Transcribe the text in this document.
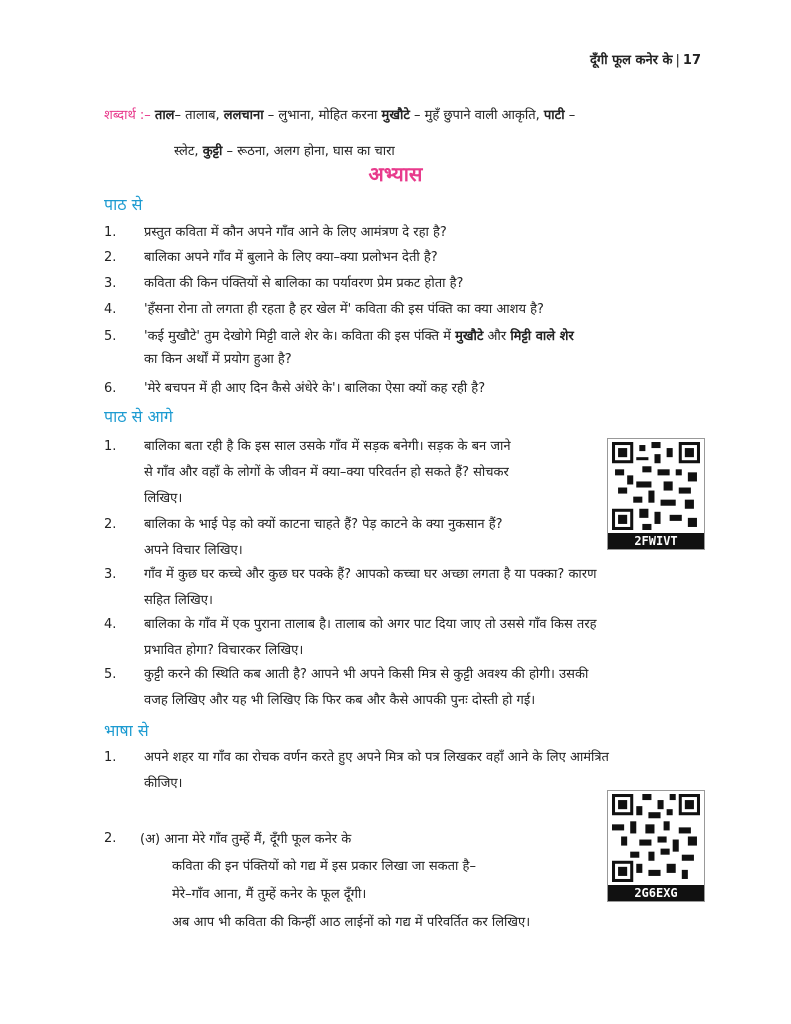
दूँगी फूल कनेर के | 17
शब्दार्थ :– ताल– तालाब, ललचाना – लुभाना, मोहित करना मुखौटे – मुहँ छुपाने वाली आकृति, पाटी –
स्लेट, कुट्टी – रूठना, अलग होना, घास का चारा
अभ्यास
पाठ से
1.	प्रस्तुत कविता में कौन अपने गाँव आने के लिए आमंत्रण दे रहा है?
2.	बालिका अपने गाँव में बुलाने के लिए क्या–क्या प्रलोभन देती है?
3.	कविता की किन पंक्तियों से बालिका का पर्यावरण प्रेम प्रकट होता है?
4.	'हँसना रोना तो लगता ही रहता है हर खेल में' कविता की इस पंक्ति का क्या आशय है?
5.	'कई मुखौटे' तुम देखोगे मिट्टी वाले शेर के। कविता की इस पंक्ति में मुखौटे और मिट्टी वाले शेर
का किन अर्थों में प्रयोग हुआ है?
6.	'मेरे बचपन में ही आए दिन कैसे अंधेरे के'। बालिका ऐसा क्यों कह रही है?
पाठ से आगे
1.	बालिका बता रही है कि इस साल उसके गाँव में सड़क बनेगी। सड़क के बन जाने
से गाँव और वहाँ के लोगों के जीवन में क्या–क्या परिवर्तन हो सकते हैं? सोचकर
लिखिए।
2.	बालिका के भाई पेड़ को क्यों काटना चाहते हैं? पेड़ काटने के क्या नुकसान हैं?
अपने विचार लिखिए।
3.	गाँव में कुछ घर कच्चे और कुछ घर पक्के हैं? आपको कच्चा घर अच्छा लगता है या पक्का? कारण
सहित लिखिए।
4.	बालिका के गाँव में एक पुराना तालाब है। तालाब को अगर पाट दिया जाए तो उससे गाँव किस तरह
प्रभावित होगा? विचारकर लिखिए।
5.	कुट्टी करने की स्थिति कब आती है? आपने भी अपने किसी मित्र से कुट्टी अवश्य की होगी। उसकी
वजह लिखिए और यह भी लिखिए कि फिर कब और कैसे आपकी पुनः दोस्ती हो गई।
2FWIVT
भाषा से
1.	अपने शहर या गाँव का रोचक वर्णन करते हुए अपने मित्र को पत्र लिखकर वहाँ आने के लिए आमंत्रित
कीजिए।
2G6EXG
2.	(अ) आना मेरे गाँव तुम्हें मैं, दूँगी फूल कनेर के
कविता की इन पंक्तियों को गद्य में इस प्रकार लिखा जा सकता है–
मेरे–गाँव आना, मैं तुम्हें कनेर के फूल दूँगी।
अब आप भी कविता की किन्हीं आठ लाईनों को गद्य में परिवर्तित कर लिखिए।
